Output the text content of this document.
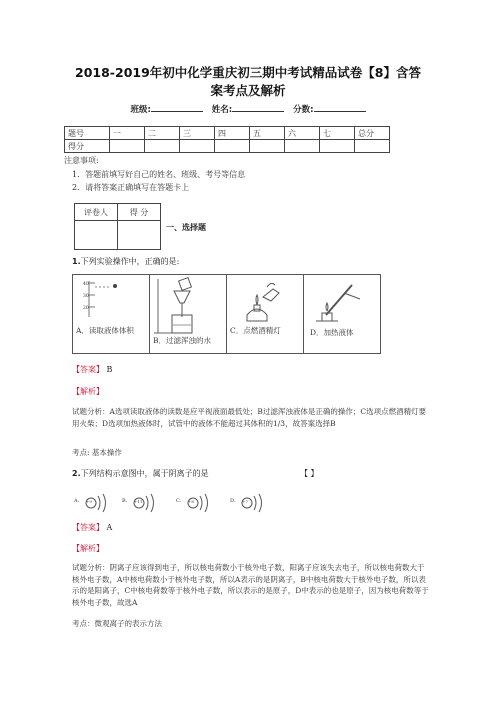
2018-2019年初中化学重庆初三期中考试精品试卷【8】含答
案考点及解析
班级:	姓名:	分数:
题号	一	二	三	四	五	六	七	总分
得分								
注意事项:
1．答题前填写好自己的姓名、班级、考号等信息
2．请将答案正确填写在答题卡上
评卷人	得 分

一、选择题
1.下列实验操作中，正确的是:
40
30
20
A．读取液体体积
B．过滤浑浊的水
C．点燃酒精灯	D．加热液体
【答案】 B
【解析】
试题分析：A选项读取液体的读数是应平视液面最低处；B过滤浑浊液体是正确的操作；C选项点燃酒精灯要用火柴；D选项加热液体时，试管中的液体不能超过其体积的1/3，故答案选择B
考点: 基本操作
2.下列结构示意图中，属于阴离子的是	【 】
A. +9	B. +11	C. +8	D. +7
【答案】 A
【解析】
试题分析：阴离子应该得到电子，所以核电荷数小于核外电子数，阳离子应该失去电子，所以核电荷数大于核外电子数，A中核电荷数小于核外电子数，所以A表示的是阴离子，B中核电荷数大于核外电子数，所以表示的是阳离子，C中核电荷数等于核外电子数，所以表示的是原子，D中表示的也是原子，因为核电荷数等于核外电子数，故选A
考点：微观离子的表示方法
